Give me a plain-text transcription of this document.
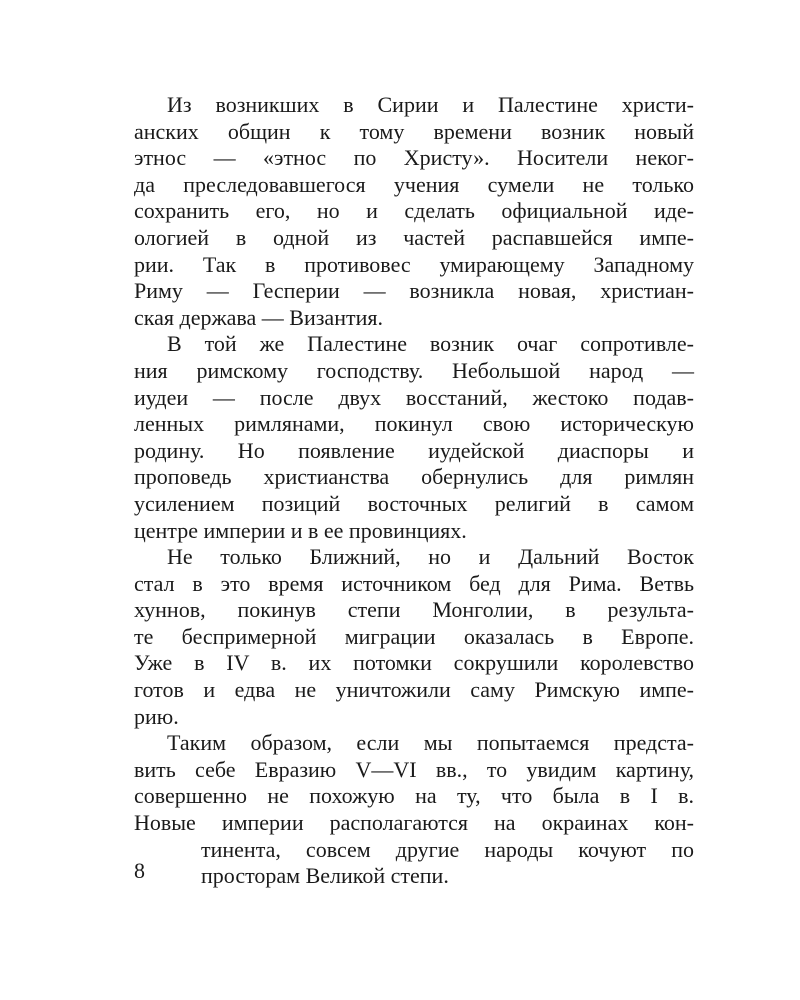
Из возникших в Сирии и Палестине христи-
анских общин к тому времени возник новый
этнос — «этнос по Христу». Носители неког-
да преследовавшегося учения сумели не только
сохранить его, но и сделать официальной иде-
ологией в одной из частей распавшейся импе-
рии. Так в противовес умирающему Западному
Риму — Гесперии — возникла новая, христиан-
ская держава — Византия.
В той же Палестине возник очаг сопротивле-
ния римскому господству. Небольшой народ —
иудеи — после двух восстаний, жестоко подав-
ленных римлянами, покинул свою историческую
родину. Но появление иудейской диаспоры и
проповедь христианства обернулись для римлян
усилением позиций восточных религий в самом
центре империи и в ее провинциях.
Не только Ближний, но и Дальний Восток
стал в это время источником бед для Рима. Ветвь
хуннов, покинув степи Монголии, в результа-
те беспримерной миграции оказалась в Европе.
Уже в IV в. их потомки сокрушили королевство
готов и едва не уничтожили саму Римскую импе-
рию.
Таким образом, если мы попытаемся предста-
вить себе Евразию V—VI вв., то увидим картину,
совершенно не похожую на ту, что была в I в.
Новые империи располагаются на окраинах кон-
тинента, совсем другие народы кочуют по
просторам Великой степи.
8
